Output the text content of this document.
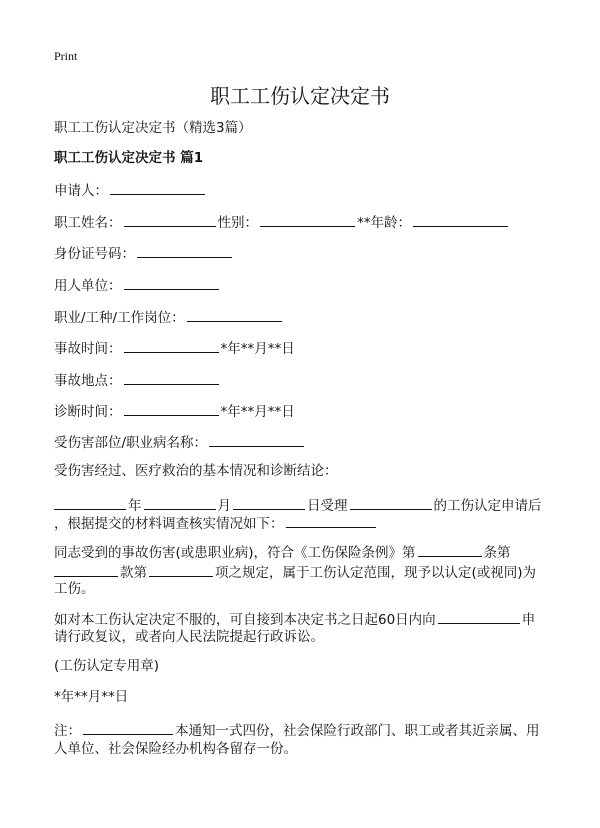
Print
职工工伤认定决定书
职工工伤认定决定书（精选3篇）
职工工伤认定决定书 篇1
申请人：
职工姓名：	性别：	**年龄：
身份证号码：
用人单位：
职业/工种/工作岗位：
事故时间：	*年**月**日
事故地点：
诊断时间：	*年**月**日
受伤害部位/职业病名称：
受伤害经过、医疗救治的基本情况和诊断结论：
年	月	日受理	的工伤认定申请后
，根据提交的材料调查核实情况如下：
同志受到的事故伤害(或患职业病)，符合《工伤保险条例》第	条第
款第	项之规定，属于工伤认定范围，现予以认定(或视同)为
工伤。
如对本工伤认定决定不服的，可自接到本决定书之日起60日内向	申
请行政复议，或者向人民法院提起行政诉讼。
(工伤认定专用章)
*年**月**日
注：	本通知一式四份，社会保险行政部门、职工或者其近亲属、用
人单位、社会保险经办机构各留存一份。
